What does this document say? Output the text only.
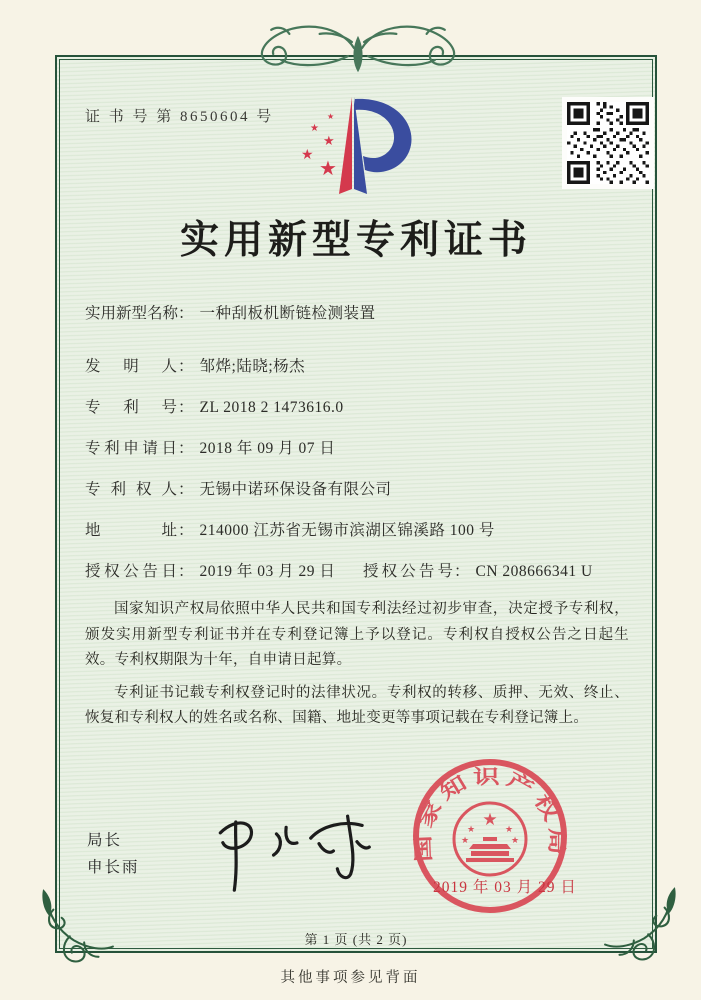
证 书 号 第 8650604 号
★
★
★
★
★
实用新型专利证书
实用新型名称： 一种刮板机断链检测装置
发明人： 邹烨;陆晓;杨杰
专利号： ZL 2018 2 1473616.0
专利申请日： 2018 年 09 月 07 日
专利权人： 无锡中诺环保设备有限公司
地址： 214000 江苏省无锡市滨湖区锦溪路 100 号
授权公告日： 2019 年 03 月 29 日 授权公告号： CN 208666341 U

国家知识产权局依照中华人民共和国专利法经过初步审查，决定授予专利权，颁发实用新型专利证书并在专利登记簿上予以登记。专利权自授权公告之日起生效。专利权期限为十年，自申请日起算。

专利证书记载专利权登记时的法律状况。专利权的转移、质押、无效、终止、恢复和专利权人的姓名或名称、国籍、地址变更等事项记载在专利登记簿上。

局长
申长雨
国家知识产权局
★
★	★
★	★
2019 年 03 月 29 日
第 1 页 (共 2 页)
其他事项参见背面
